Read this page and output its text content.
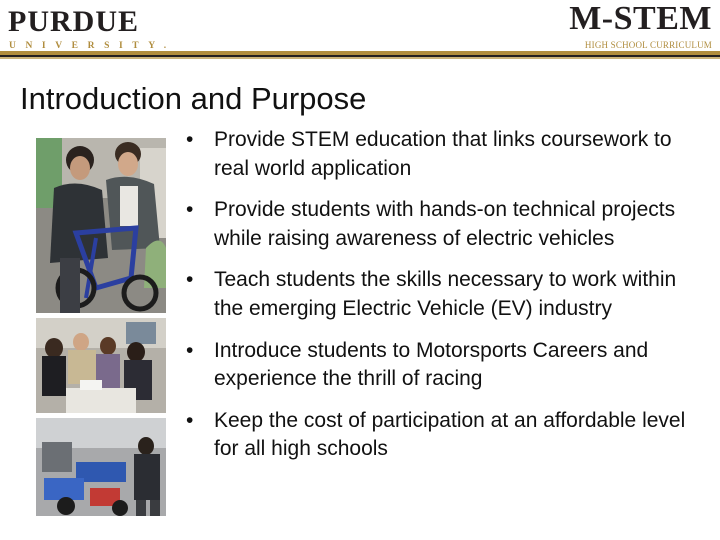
PURDUE
UNIVERSITY.
M-STEM
HIGH SCHOOL CURRICULUM
Introduction and Purpose
• Provide STEM education that links coursework to real world application
• Provide students with hands-on technical projects while raising awareness of electric vehicles
• Teach students the skills necessary to work within the emerging Electric Vehicle (EV) industry
• Introduce students to Motorsports Careers and experience the thrill of racing
• Keep the cost of participation at an affordable level for all high schools
